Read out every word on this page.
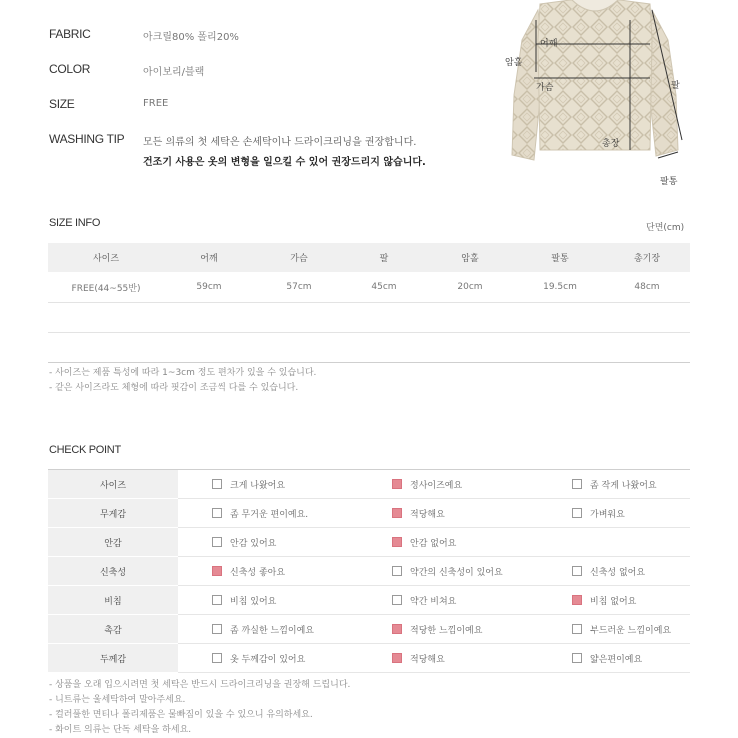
FABRIC	아크릴80% 폴리20%
COLOR	아이보리/블랙
SIZE	FREE
WASHING TIP 모든 의류의 첫 세탁은 손세탁이나 드라이크리닝을 권장합니다.
건조기 사용은 옷의 변형을 일으킬 수 있어 권장드리지 않습니다.
어깨
암홀
가슴	팔
총장
팔통
SIZE INFO	단면(cm)
사이즈	어깨	가슴	팔	암홀	팔통	총기장
FREE(44~55반)	59cm	57cm	45cm	20cm	19.5cm	48cm

- 사이즈는 제품 특성에 따라 1~3cm 정도 편차가 있을 수 있습니다.
- 같은 사이즈라도 체형에 따라 핏감이 조금씩 다를 수 있습니다.
CHECK POINT
사이즈	크게 나왔어요	정사이즈예요	좀 작게 나왔어요
무게감	좀 무거운 편이예요.	적당해요	가벼워요
안감	안감 있어요	안감 없어요	
신축성	신축성 좋아요	약간의 신축성이 있어요	신축성 없어요
비침	비침 있어요	약간 비쳐요	비침 없어요
촉감	좀 까실한 느낌이예요	적당한 느낌이예요	부드러운 느낌이예요
두께감	옷 두께감이 있어요	적당해요	얇은편이예요
- 상품을 오래 입으시려면 첫 세탁은 반드시 드라이크리닝을 권장해 드립니다.
- 니트류는 울세탁하여 말아주세요.
- 컬러풀한 면티나 폴리제품은 물빠짐이 있을 수 있으니 유의하세요.
- 화이트 의류는 단독 세탁을 하세요.
